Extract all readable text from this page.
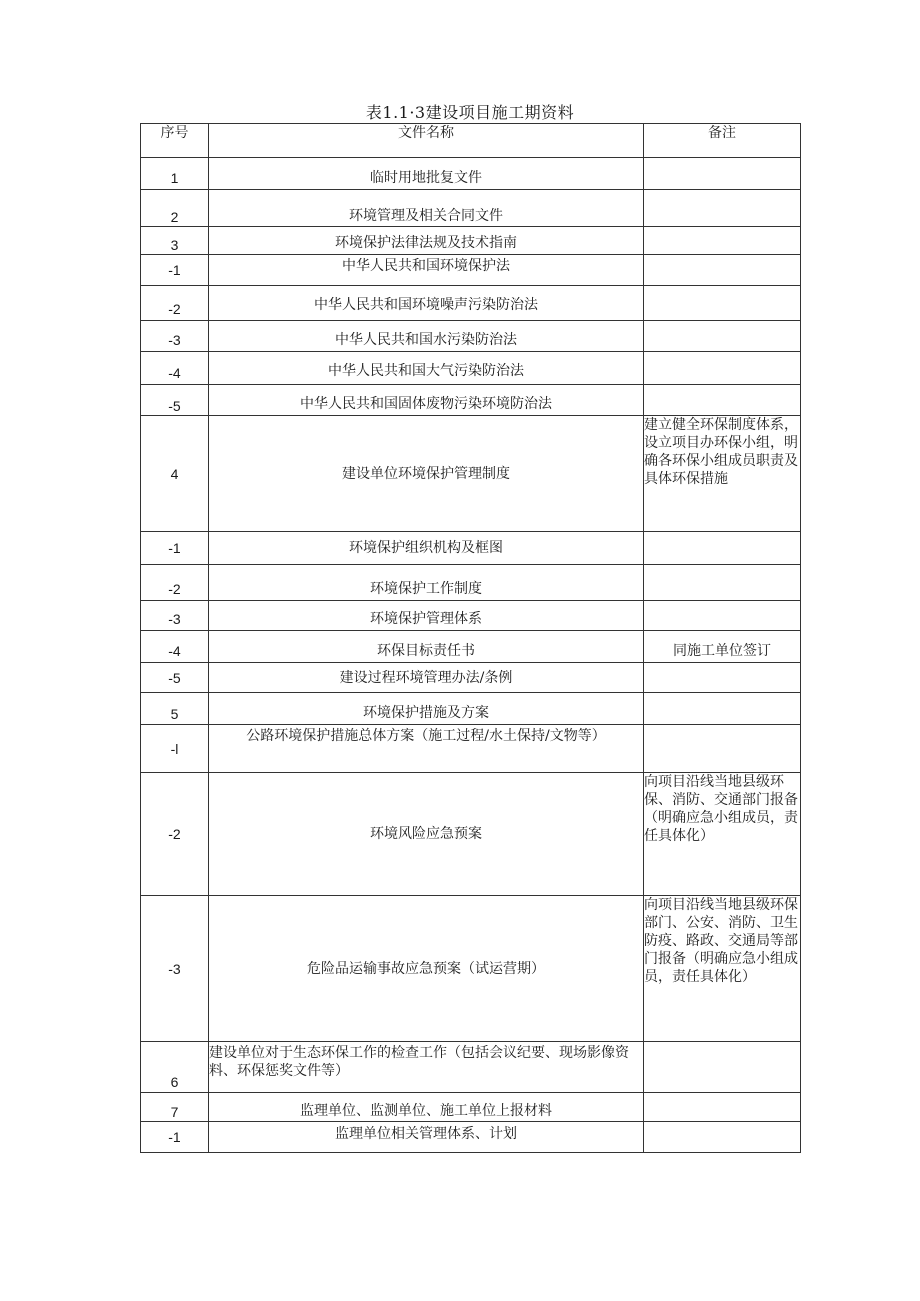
表1.1·3建设项目施工期资料
序号	文件名称	备注
1	临时用地批复文件	
2	环境管理及相关合同文件	
3	环境保护法律法规及技术指南	
-1	中华人民共和国环境保护法	
-2	中华人民共和国环境噪声污染防治法	
-3	中华人民共和国水污染防治法	
-4	中华人民共和国大气污染防治法	
-5	中华人民共和国固体废物污染环境防治法	
4	建设单位环境保护管理制度	建立健全环保制度体系，设立项目办环保小组，明确各环保小组成员职责及具体环保措施
-1	环境保护组织机构及框图	
-2	环境保护工作制度	
-3	环境保护管理体系	
-4	环保目标责任书	同施工单位签订
-5	建设过程环境管理办法/条例	
5	环境保护措施及方案	
-l	公路环境保护措施总体方案（施工过程/水土保持/文物等）	
-2	环境风险应急预案	向项目沿线当地县级环保、消防、交通部门报备（明确应急小组成员，责任具体化）
-3	危险品运输事故应急预案（试运营期）	向项目沿线当地县级环保部门、公安、消防、卫生防疫、路政、交通局等部门报备（明确应急小组成员，责任具体化）
6	建设单位对于生态环保工作的检查工作（包括会议纪要、现场影像资料、环保惩奖文件等）	
7	监理单位、监测单位、施工单位上报材料	
-1	监理单位相关管理体系、计划	
